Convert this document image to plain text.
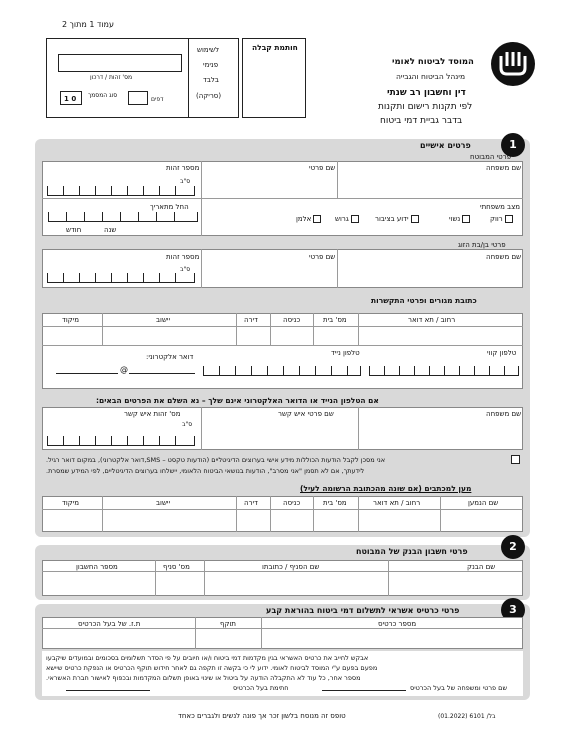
עמוד 1 מתוך 2
לשימוש
פנימי
בלבד
(סריקה)
מס' זהות / דרכון
0 1 סוג המסמך
דפים
חותמת קבלה
המוסד לביטוח לאומי
מינהל הביטוח והגבייה
דין וחשבון רב שנתי
לפי תקנות רישום ותקנות
בדבר גביית דמי ביטוח
1
פרטים אישיים
פרטי המבוטח
שם משפחה
שם פרטי
מספר זהות
ס"ב
מצב משפחתי
רווק
נשוי
ידוע בציבור
גרוש
אלמן
החל מתאריך
שנה
חודש
פרטי בן/בת הזוג
שם משפחה
שם פרטי
מספר זהות
ס"ב
כתובת מגורים ופרטי התקשרות
רחוב / תא דואר
מס' בית
כניסה
דירה
יישוב
מיקוד
טלפון קווי
טלפון נייד
דואר אלקטרוני:
@
אם הטלפון הנייד או הדואר האלקטרוני אינם שלך – נא השלם את הפרטים הבאים:
שם משפחה
שם פרטי איש קשר
מס' זהות איש קשר
ס"ב
אני מסכן לקבל הודעות הכוללות מידע אישי בערוצים הדיגיטליים (הודעות טקסט – SMS,דואר אלקטרוני), במקום דואר רגיל.
לידעתך, אם לא תסמן "אני מסרב", הודעות בנושאי הביטוח הלאומי, יישלחו בערוצים הדיגיטליים, לפי המידע שמסרת.
מען למכתבים (אם שונה מהכתובת הרשומה לעיל)
שם הנמען
רחוב / תא דואר
מס' בית
כניסה
דירה
יישוב
מיקוד
2
פרטי חשבון הבנק של המבוטח
שם הבנק
שם הסניף / כתובתו
מס' סניף
מספר החשבון
3
פרטי כרטיס אשראי לתשלום דמי ביטוח בהוראת קבע
מספר כרטיס
תוקף
ת.ז. של בעל הכרטיס
אבקש לחייב את כרטיס האשראי בגין מקדמות דמי ביטוח ו/או חיובים על פי הסדר תשלומים בסכומים ובמועדים שיקבעו
מפעם בפעם ע"י המוסד לביטוח לאומי. ידוע לי כי בקשה זו תקפה גם לאחר חידוש תוקף הכרטיס או הנפקת כרטיס שיישא
מספר אחר, כל עוד לא התקבלה הודעה על ביטול או שינוי באופן תשלום המקדמות ובכפוף לאישור חברת האשראי.
שם פרטי ומשפחה של בעל הכרטיס
חתימת בעל הכרטיס
טופס זה מנוסח בלשון זכר אך פונה לנשים ולגברים כאחד	בל/ 6101 (01.2022)
